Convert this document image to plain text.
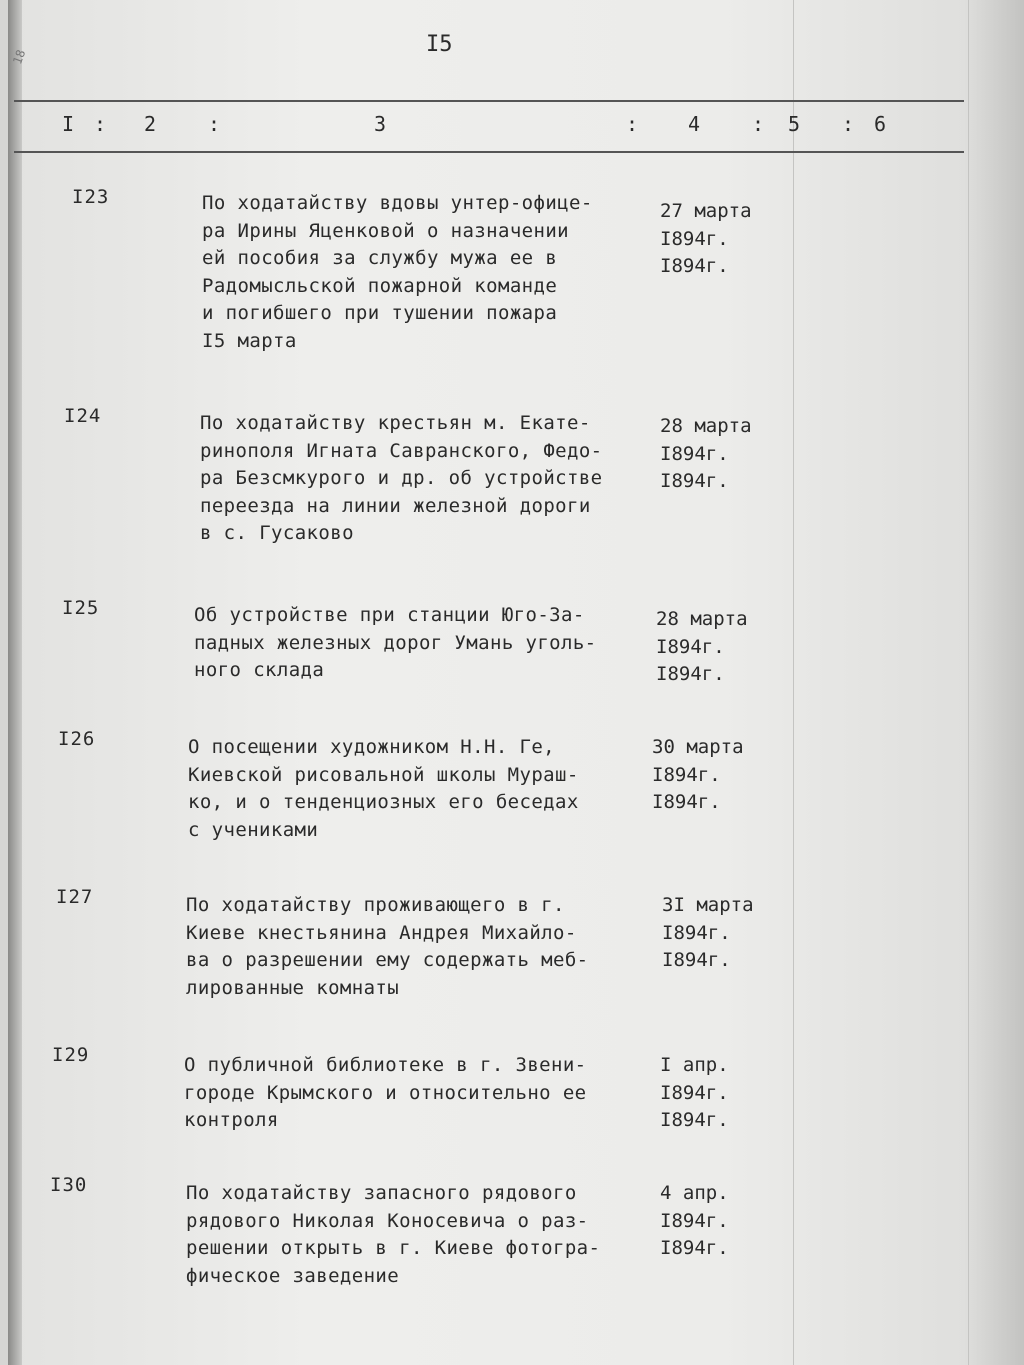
18
I5
I : 2	:	3	: 4	: 5 : 6
I23	По ходатайству вдовы унтер-офице-
ра Ирины Яценковой о назначении
ей пособия за службу мужа ее в
Радомысльской пожарной команде
и погибшего при тушении пожара
I5 марта
27 марта
I894г.
I894г.
I24	По ходатайству крестьян м. Екате-
ринополя Игната Савранского, Федо-
ра Безсмкурого и др. об устройстве
переезда на линии железной дороги
в с. Гусаково
28 марта
I894г.
I894г.
I25	Об устройстве при станции Юго-За-
падных железных дорог Умань уголь-
ного склада
28 марта
I894г.
I894г.
I26	О посещении художником Н.Н. Ге,
Киевской рисовальной школы Мураш-
ко, и о тенденциозных его беседах
с учениками
30 марта
I894г.
I894г.
I27	По ходатайству проживающего в г.
Киеве кнестьянина Андрея Михайло-
ва о разрешении ему содержать меб-
лированные комнаты
3I марта
I894г.
I894г.
I29	О публичной библиотеке в г. Звени-
городе Крымского и относительно ее
контроля
I апр.
I894г.
I894г.
I30	По ходатайству запасного рядового
рядового Николая Коносевича о раз-
решении открыть в г. Киеве фотогра-
фическое заведение
4 апр.
I894г.
I894г.
